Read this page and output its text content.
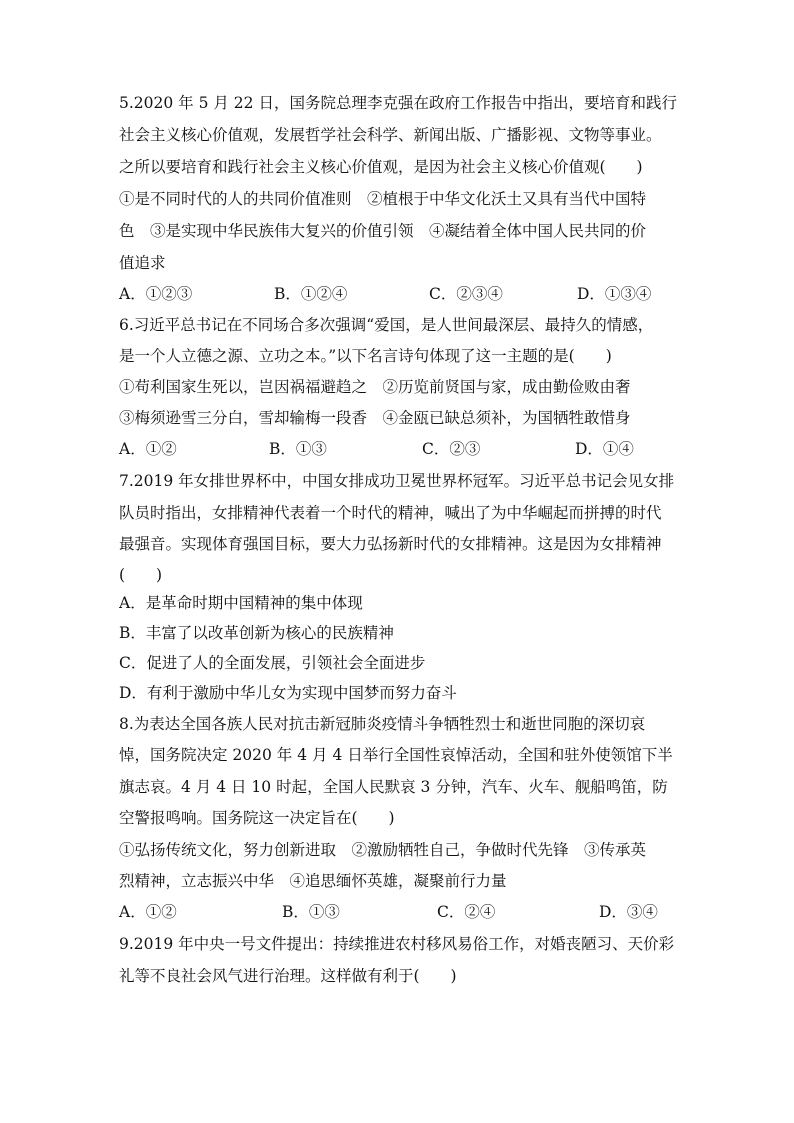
5.2020 年 5 月 22 日，国务院总理李克强在政府工作报告中指出，要培育和践行
社会主义核心价值观，发展哲学社会科学、新闻出版、广播影视、文物等事业。
之所以要培育和践行社会主义核心价值观，是因为社会主义核心价值观(　　)
①是不同时代的人的共同价值准则　②植根于中华文化沃土又具有当代中国特
色　③是实现中华民族伟大复兴的价值引领　④凝结着全体中国人民共同的价
值追求
A．①②③	B．①②④	C．②③④	D．①③④
6.习近平总书记在不同场合多次强调“爱国，是人世间最深层、最持久的情感，
是一个人立德之源、立功之本。”以下名言诗句体现了这一主题的是(　　)
①苟利国家生死以，岂因祸福避趋之　②历览前贤国与家，成由勤俭败由奢
③梅须逊雪三分白，雪却输梅一段香　④金瓯已缺总须补，为国牺牲敢惜身
A．①②	B．①③	C．②③	D．①④
7.2019 年女排世界杯中，中国女排成功卫冕世界杯冠军。习近平总书记会见女排
队员时指出，女排精神代表着一个时代的精神，喊出了为中华崛起而拼搏的时代
最强音。实现体育强国目标，要大力弘扬新时代的女排精神。这是因为女排精神
(　　)
A．是革命时期中国精神的集中体现
B．丰富了以改革创新为核心的民族精神
C．促进了人的全面发展，引领社会全面进步
D．有利于激励中华儿女为实现中国梦而努力奋斗
8.为表达全国各族人民对抗击新冠肺炎疫情斗争牺牲烈士和逝世同胞的深切哀
悼，国务院决定 2020 年 4 月 4 日举行全国性哀悼活动，全国和驻外使领馆下半
旗志哀。4 月 4 日 10 时起，全国人民默哀 3 分钟，汽车、火车、舰船鸣笛，防
空警报鸣响。国务院这一决定旨在(　　)
①弘扬传统文化，努力创新进取　②激励牺牲自己，争做时代先锋　③传承英
烈精神，立志振兴中华　④追思缅怀英雄，凝聚前行力量
A．①②	B．①③	C．②④	D．③④
9.2019 年中央一号文件提出：持续推进农村移风易俗工作，对婚丧陋习、天价彩
礼等不良社会风气进行治理。这样做有利于(　　)
